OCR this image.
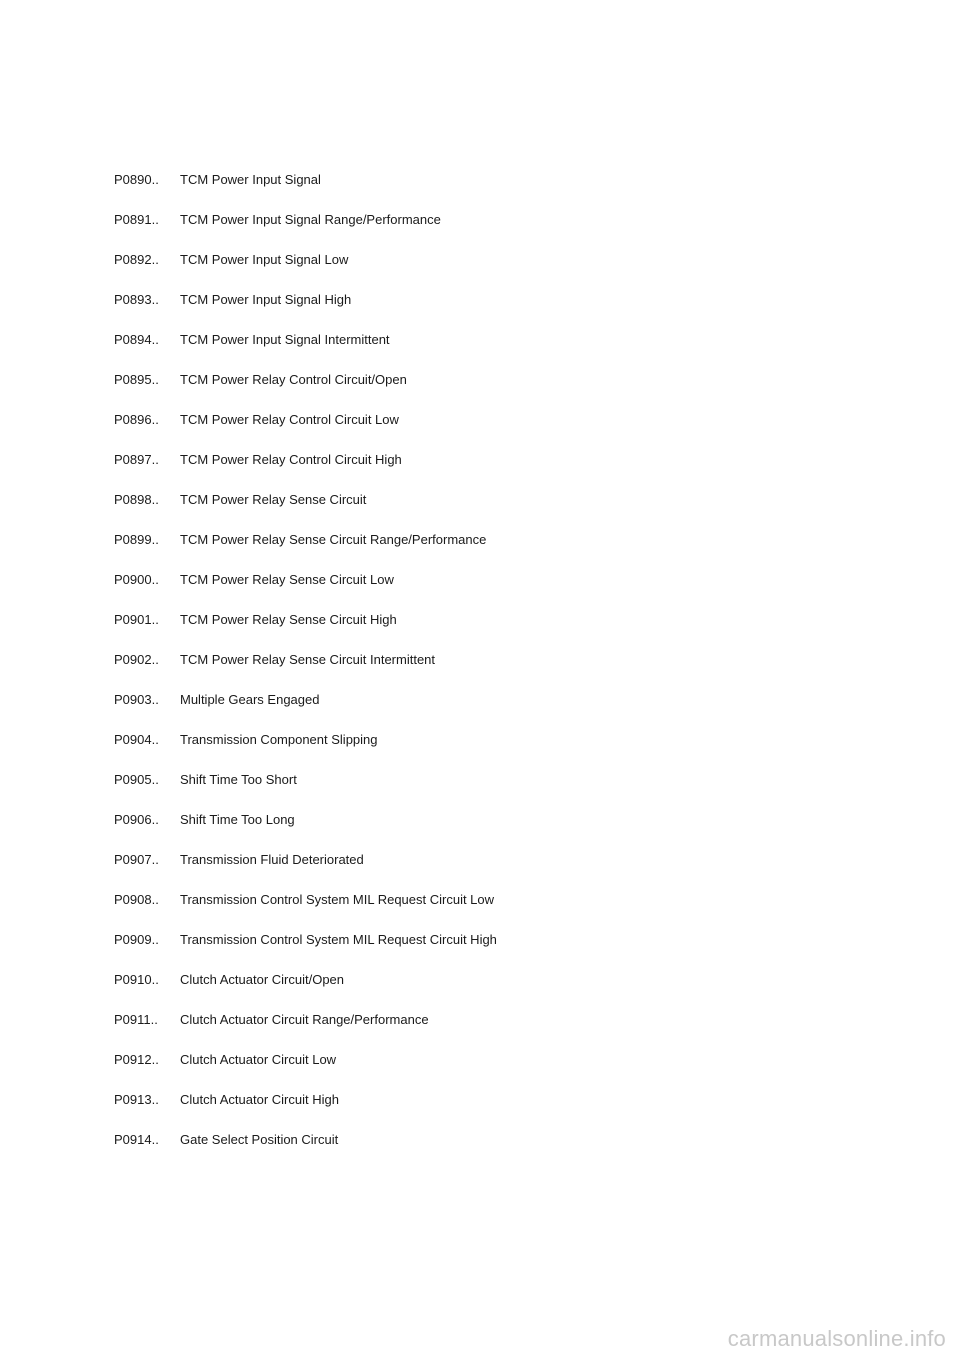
P0890..	TCM Power Input Signal
P0891..	TCM Power Input Signal Range/Performance
P0892..	TCM Power Input Signal Low
P0893..	TCM Power Input Signal High
P0894..	TCM Power Input Signal Intermittent
P0895..	TCM Power Relay Control Circuit/Open
P0896..	TCM Power Relay Control Circuit Low
P0897..	TCM Power Relay Control Circuit High
P0898..	TCM Power Relay Sense Circuit
P0899..	TCM Power Relay Sense Circuit Range/Performance
P0900..	TCM Power Relay Sense Circuit Low
P0901..	TCM Power Relay Sense Circuit High
P0902..	TCM Power Relay Sense Circuit Intermittent
P0903..	Multiple Gears Engaged
P0904..	Transmission Component Slipping
P0905..	Shift Time Too Short
P0906..	Shift Time Too Long
P0907..	Transmission Fluid Deteriorated
P0908..	Transmission Control System MIL Request Circuit Low
P0909..	Transmission Control System MIL Request Circuit High
P0910..	Clutch Actuator Circuit/Open
P0911..	Clutch Actuator Circuit Range/Performance
P0912..	Clutch Actuator Circuit Low
P0913..	Clutch Actuator Circuit High
P0914..	Gate Select Position Circuit
carmanualsonline.info
